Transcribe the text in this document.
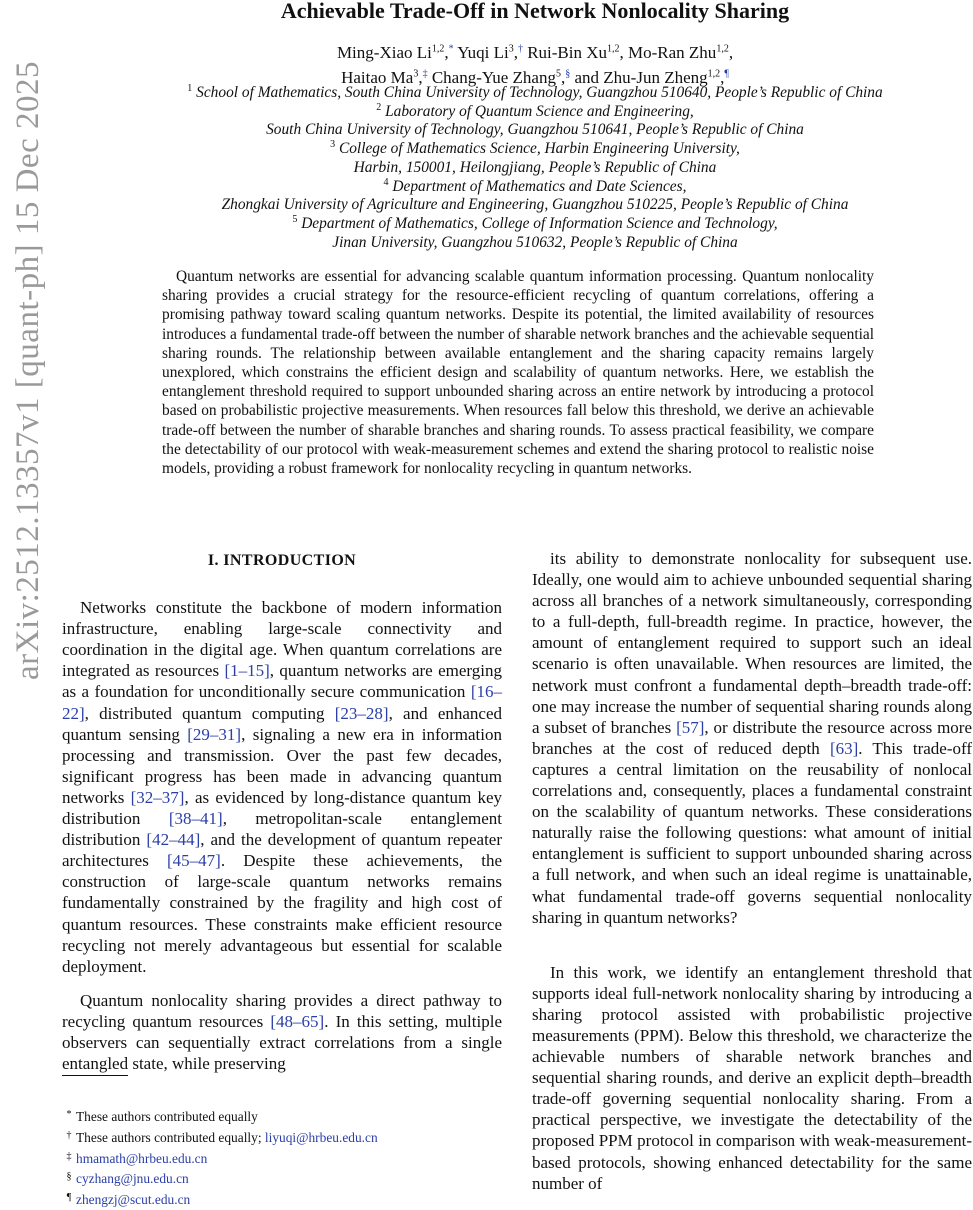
arXiv:2512.13357v1 [quant-ph] 15 Dec 2025
Achievable Trade-Off in Network Nonlocality Sharing
Ming-Xiao Li$^{1,2}$,* Yuqi Li$^3$,† Rui-Bin Xu$^{1,2}$, Mo-Ran Zhu$^{1,2}$,
Haitao Ma$^3$,‡ Chang-Yue Zhang$^5$,§ and Zhu-Jun Zheng$^{1,2}$,¶
$^1$ School of Mathematics, South China University of Technology, Guangzhou 510640, People’s Republic of China
$^2$ Laboratory of Quantum Science and Engineering,
South China University of Technology, Guangzhou 510641, People’s Republic of China
$^3$ College of Mathematics Science, Harbin Engineering University,
Harbin, 150001, Heilongjiang, People’s Republic of China
$^4$ Department of Mathematics and Date Sciences,
Zhongkai University of Agriculture and Engineering, Guangzhou 510225, People’s Republic of China
$^5$ Department of Mathematics, College of Information Science and Technology,
Jinan University, Guangzhou 510632, People’s Republic of China
Quantum networks are essential for advancing scalable quantum information processing. Quantum nonlocality sharing provides a crucial strategy for the resource-efficient recycling of quantum correlations, offering a promising pathway toward scaling quantum networks. Despite its potential, the limited availability of resources introduces a fundamental trade-off between the number of sharable network branches and the achievable sequential sharing rounds. The relationship between available entanglement and the sharing capacity remains largely unexplored, which constrains the efficient design and scalability of quantum networks. Here, we establish the entanglement threshold required to support unbounded sharing across an entire network by introducing a protocol based on probabilistic projective measurements. When resources fall below this threshold, we derive an achievable trade-off between the number of sharable branches and sharing rounds. To assess practical feasibility, we compare the detectability of our protocol with weak-measurement schemes and extend the sharing protocol to realistic noise models, providing a robust framework for nonlocality recycling in quantum networks.

I. INTRODUCTION

Networks constitute the backbone of modern information infrastructure, enabling large-scale connectivity and coordination in the digital age. When quantum correlations are integrated as resources [1–15], quantum networks are emerging as a foundation for unconditionally secure communication [16–22], distributed quantum computing [23–28], and enhanced quantum sensing [29–31], signaling a new era in information processing and transmission. Over the past few decades, significant progress has been made in advancing quantum networks [32–37], as evidenced by long-distance quantum key distribution [38–41], metropolitan-scale entanglement distribution [42–44], and the development of quantum repeater architectures [45–47]. Despite these achievements, the construction of large-scale quantum networks remains fundamentally constrained by the fragility and high cost of quantum resources. These constraints make efficient resource recycling not merely advantageous but essential for scalable deployment.

Quantum nonlocality sharing provides a direct pathway to recycling quantum resources [48–65]. In this setting, multiple observers can sequentially extract correlations from a single entangled state, while preserving

its ability to demonstrate nonlocality for subsequent use. Ideally, one would aim to achieve unbounded sequential sharing across all branches of a network simultaneously, corresponding to a full-depth, full-breadth regime. In practice, however, the amount of entanglement required to support such an ideal scenario is often unavailable. When resources are limited, the network must confront a fundamental depth–breadth trade-off: one may increase the number of sequential sharing rounds along a subset of branches [57], or distribute the resource across more branches at the cost of reduced depth [63]. This trade-off captures a central limitation on the reusability of nonlocal correlations and, consequently, places a fundamental constraint on the scalability of quantum networks. These considerations naturally raise the following questions: what amount of initial entanglement is sufficient to support unbounded sharing across a full network, and when such an ideal regime is unattainable, what fundamental trade-off governs sequential nonlocality sharing in quantum networks?

In this work, we identify an entanglement threshold that supports ideal full-network nonlocality sharing by introducing a sharing protocol assisted with probabilistic projective measurements (PPM). Below this threshold, we characterize the achievable numbers of sharable network branches and sequential sharing rounds, and derive an explicit depth–breadth trade-off governing sequential nonlocality sharing. From a practical perspective, we investigate the detectability of the proposed PPM protocol in comparison with weak-measurement-based protocols, showing enhanced detectability for the same number of

* These authors contributed equally
† These authors contributed equally; liyuqi@hrbeu.edu.cn
‡ hmamath@hrbeu.edu.cn
§ cyzhang@jnu.edu.cn
¶ zhengzj@scut.edu.cn
